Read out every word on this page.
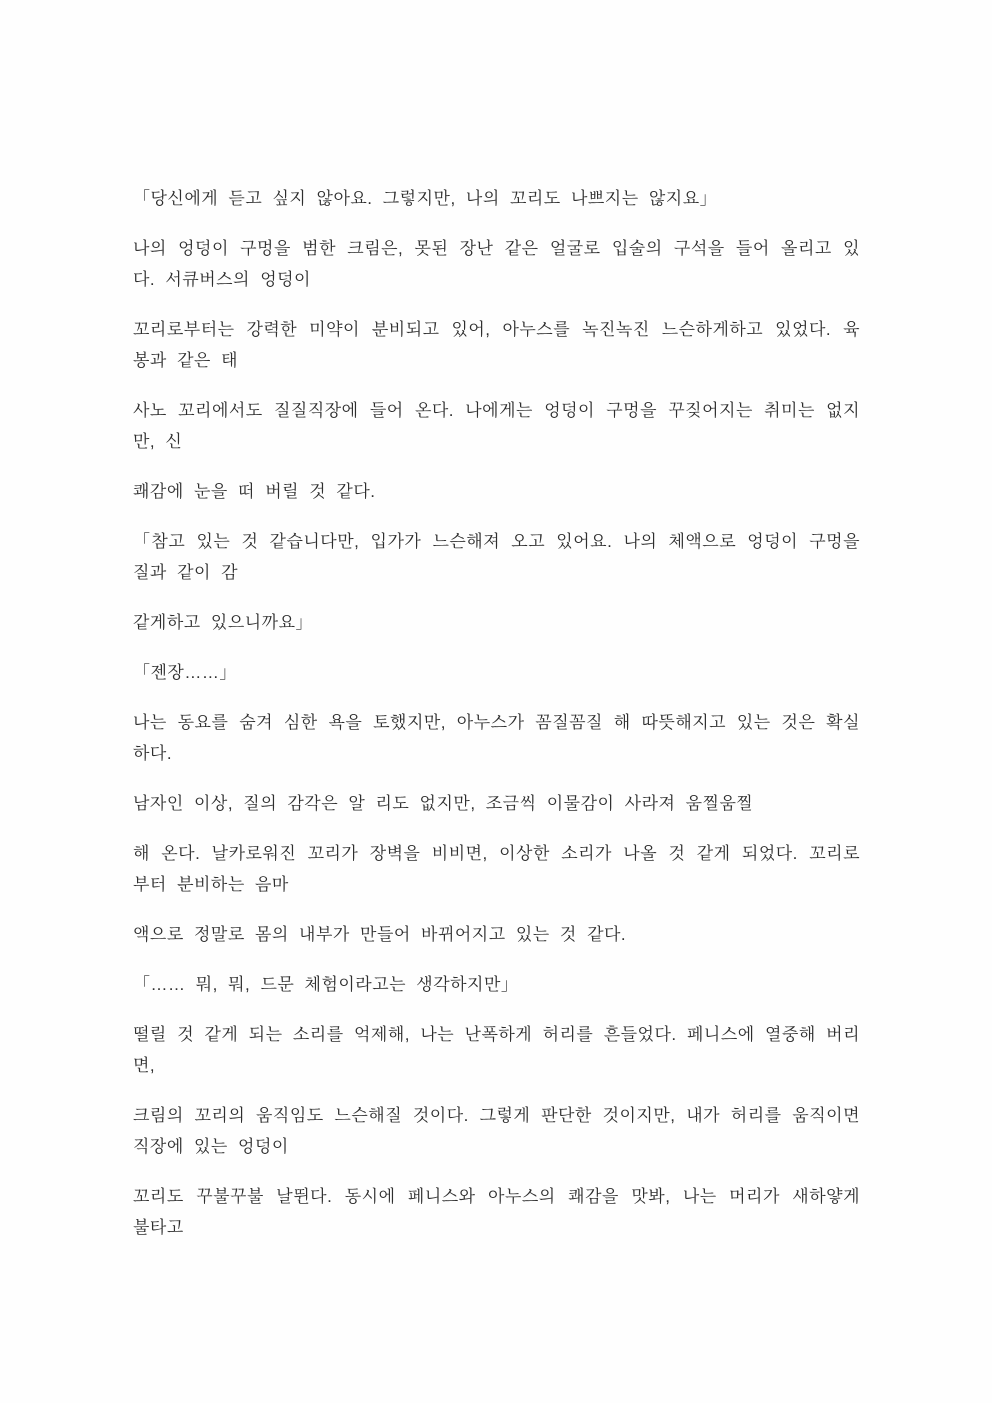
「당신에게 듣고 싶지 않아요. 그렇지만, 나의 꼬리도 나쁘지는 않지요」

나의 엉덩이 구멍을 범한 크림은, 못된 장난 같은 얼굴로 입술의 구석을 들어 올리고 있다. 서큐버스의 엉덩이

꼬리로부터는 강력한 미약이 분비되고 있어, 아누스를 녹진녹진 느슨하게하고 있었다. 육봉과 같은 태

사노 꼬리에서도 질질직장에 들어 온다. 나에게는 엉덩이 구멍을 꾸짖어지는 취미는 없지만, 신

쾌감에 눈을 떠 버릴 것 같다.

「참고 있는 것 같습니다만, 입가가 느슨해져 오고 있어요. 나의 체액으로 엉덩이 구멍을 질과 같이 감

같게하고 있으니까요」

「젠장……」

나는 동요를 숨겨 심한 욕을 토했지만, 아누스가 꼼질꼼질 해 따뜻해지고 있는 것은 확실하다.

남자인 이상, 질의 감각은 알 리도 없지만, 조금씩 이물감이 사라져 움찔움찔

해 온다. 날카로워진 꼬리가 장벽을 비비면, 이상한 소리가 나올 것 같게 되었다. 꼬리로부터 분비하는 음마

액으로 정말로 몸의 내부가 만들어 바뀌어지고 있는 것 같다.

「…… 뭐, 뭐, 드문 체험이라고는 생각하지만」

떨릴 것 같게 되는 소리를 억제해, 나는 난폭하게 허리를 흔들었다. 페니스에 열중해 버리면,

크림의 꼬리의 움직임도 느슨해질 것이다. 그렇게 판단한 것이지만, 내가 허리를 움직이면 직장에 있는 엉덩이

꼬리도 꾸불꾸불 날뛴다. 동시에 페니스와 아누스의 쾌감을 맛봐, 나는 머리가 새하얗게 불타고
